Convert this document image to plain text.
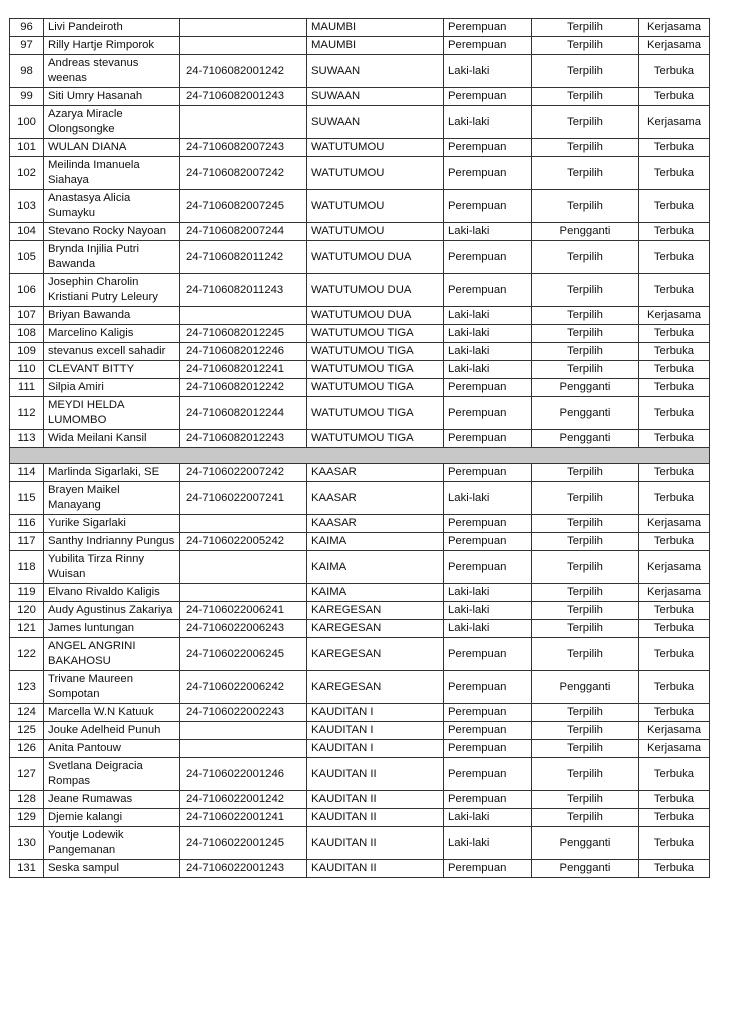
96	Livi Pandeiroth		MAUMBI	Perempuan	Terpilih	Kerjasama
97	Rilly Hartje Rimporok		MAUMBI	Perempuan	Terpilih	Kerjasama
98	Andreas stevanus weenas	24-7106082001242	SUWAAN	Laki-laki	Terpilih	Terbuka
99	Siti Umry Hasanah	24-7106082001243	SUWAAN	Perempuan	Terpilih	Terbuka
100	Azarya Miracle Olongsongke		SUWAAN	Laki-laki	Terpilih	Kerjasama
101	WULAN DIANA	24-7106082007243	WATUTUMOU	Perempuan	Terpilih	Terbuka
102	Meilinda Imanuela Siahaya	24-7106082007242	WATUTUMOU	Perempuan	Terpilih	Terbuka
103	Anastasya Alicia Sumayku	24-7106082007245	WATUTUMOU	Perempuan	Terpilih	Terbuka
104	Stevano Rocky Nayoan	24-7106082007244	WATUTUMOU	Laki-laki	Pengganti	Terbuka
105	Brynda Injilia Putri Bawanda	24-7106082011242	WATUTUMOU DUA	Perempuan	Terpilih	Terbuka
106	Josephin Charolin Kristiani Putry Leleury	24-7106082011243	WATUTUMOU DUA	Perempuan	Terpilih	Terbuka
107	Briyan Bawanda		WATUTUMOU DUA	Laki-laki	Terpilih	Kerjasama
108	Marcelino Kaligis	24-7106082012245	WATUTUMOU TIGA	Laki-laki	Terpilih	Terbuka
109	stevanus excell sahadir	24-7106082012246	WATUTUMOU TIGA	Laki-laki	Terpilih	Terbuka
110	CLEVANT BITTY	24-7106082012241	WATUTUMOU TIGA	Laki-laki	Terpilih	Terbuka
111	Silpia Amiri	24-7106082012242	WATUTUMOU TIGA	Perempuan	Pengganti	Terbuka
112	MEYDI HELDA LUMOMBO	24-7106082012244	WATUTUMOU TIGA	Perempuan	Pengganti	Terbuka
113	Wida Meilani Kansil	24-7106082012243	WATUTUMOU TIGA	Perempuan	Pengganti	Terbuka

114	Marlinda Sigarlaki, SE	24-7106022007242	KAASAR	Perempuan	Terpilih	Terbuka
115	Brayen Maikel Manayang	24-7106022007241	KAASAR	Laki-laki	Terpilih	Terbuka
116	Yurike Sigarlaki		KAASAR	Perempuan	Terpilih	Kerjasama
117	Santhy Indrianny Pungus	24-7106022005242	KAIMA	Perempuan	Terpilih	Terbuka
118	Yubilita Tirza Rinny Wuisan		KAIMA	Perempuan	Terpilih	Kerjasama
119	Elvano Rivaldo Kaligis		KAIMA	Laki-laki	Terpilih	Kerjasama
120	Audy Agustinus Zakariya	24-7106022006241	KAREGESAN	Laki-laki	Terpilih	Terbuka
121	James luntungan	24-7106022006243	KAREGESAN	Laki-laki	Terpilih	Terbuka
122	ANGEL ANGRINI BAKAHOSU	24-7106022006245	KAREGESAN	Perempuan	Terpilih	Terbuka
123	Trivane Maureen Sompotan	24-7106022006242	KAREGESAN	Perempuan	Pengganti	Terbuka
124	Marcella W.N Katuuk	24-7106022002243	KAUDITAN I	Perempuan	Terpilih	Terbuka
125	Jouke Adelheid Punuh		KAUDITAN I	Perempuan	Terpilih	Kerjasama
126	Anita Pantouw		KAUDITAN I	Perempuan	Terpilih	Kerjasama
127	Svetlana Deigracia Rompas	24-7106022001246	KAUDITAN II	Perempuan	Terpilih	Terbuka
128	Jeane Rumawas	24-7106022001242	KAUDITAN II	Perempuan	Terpilih	Terbuka
129	Djemie kalangi	24-7106022001241	KAUDITAN II	Laki-laki	Terpilih	Terbuka
130	Youtje Lodewik Pangemanan	24-7106022001245	KAUDITAN II	Laki-laki	Pengganti	Terbuka
131	Seska sampul	24-7106022001243	KAUDITAN II	Perempuan	Pengganti	Terbuka
